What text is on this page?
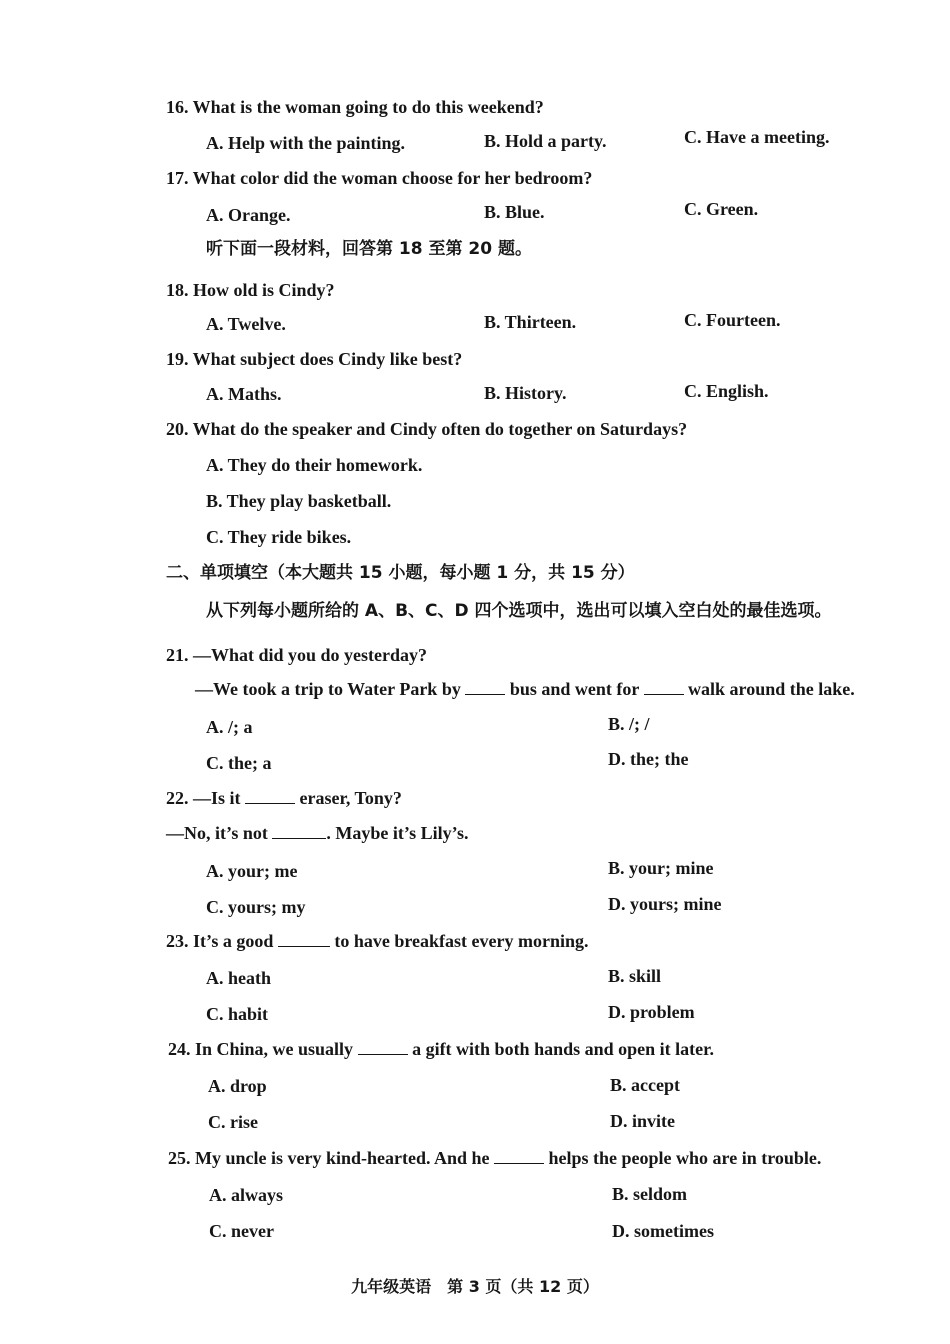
16. What is the woman going to do this weekend?
A. Help with the painting.	B. Hold a party.	C. Have a meeting.
17. What color did the woman choose for her bedroom?
A. Orange.	B. Blue.	C. Green.
听下面一段材料，回答第 18 至第 20 题。
18. How old is Cindy?
A. Twelve.	B. Thirteen.	C. Fourteen.
19. What subject does Cindy like best?
A. Maths.	B. History.	C. English.
20. What do the speaker and Cindy often do together on Saturdays?
A. They do their homework.
B. They play basketball.
C. They ride bikes.
二、单项填空（本大题共 15 小题，每小题 1 分，共 15 分）
从下列每小题所给的 A、B、C、D 四个选项中，选出可以填入空白处的最佳选项。
21. —What did you do yesterday?
—We took a trip to Water Park by	bus and went for	walk around the lake.
A. /; a	B. /; /
C. the; a	D. the; the
22. —Is it	eraser, Tony?
—No, it’s not	. Maybe it’s Lily’s.
A. your; me	B. your; mine
C. yours; my	D. yours; mine
23. It’s a good	to have breakfast every morning.
A. heath	B. skill
C. habit	D. problem
24. In China, we usually	a gift with both hands and open it later.
A. drop	B. accept
C. rise	D. invite
25. My uncle is very kind-hearted. And he	helps the people who are in trouble.
A. always	B. seldom
C. never	D. sometimes
九年级英语　第 3 页（共 12 页）
